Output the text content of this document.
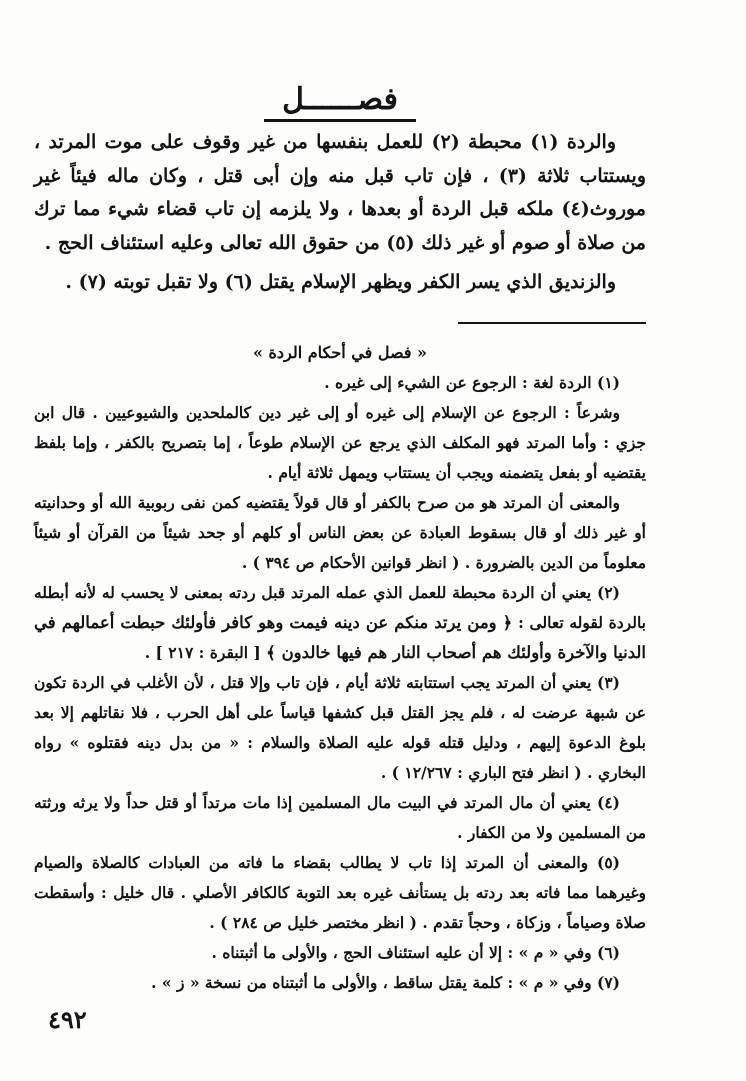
فصــــــل

والردة (١) محبطة (٢) للعمل بنفسها من غير وقوف على موت المرتد ، ويستتاب ثلاثة (٣) ، فإن تاب قبل منه وإن أبى قتل ، وكان ماله فيئاً غير موروث(٤) ملكه قبل الردة أو بعدها ، ولا يلزمه إن تاب قضاء شيء مما ترك من صلاة أو صوم أو غير ذلك (٥) من حقوق الله تعالى وعليه استئناف الحج .

والزنديق الذي يسر الكفر ويظهر الإسلام يقتل (٦) ولا تقبل توبته (٧) .

« فصل في أحكام الردة »

(١) الردة لغة : الرجوع عن الشيء إلى غيره .

وشرعاً : الرجوع عن الإسلام إلى غيره أو إلى غير دين كالملحدين والشيوعيين . قال ابن جزي : وأما المرتد فهو المكلف الذي يرجع عن الإسلام طوعاً ، إما بتصريح بالكفر ، وإما بلفظ يقتضيه أو بفعل يتضمنه ويجب أن يستتاب ويمهل ثلاثة أيام .

والمعنى أن المرتد هو من صرح بالكفر أو قال قولاً يقتضيه كمن نفى ربوبية الله أو وحدانيته أو غير ذلك أو قال بسقوط العبادة عن بعض الناس أو كلهم أو جحد شيئاً من القرآن أو شيئاً معلوماً من الدين بالضرورة . ( انظر قوانين الأحكام ص ٣٩٤ ) .

(٢) يعني أن الردة محبطة للعمل الذي عمله المرتد قبل ردته بمعنى لا يحسب له لأنه أبطله بالردة لقوله تعالى : ﴿ ومن يرتد منكم عن دينه فيمت وهو كافر فأولئك حبطت أعمالهم في الدنيا والآخرة وأولئك هم أصحاب النار هم فيها خالدون ﴾ [ البقرة : ٢١٧ ] .

(٣) يعني أن المرتد يجب استتابته ثلاثة أيام ، فإن تاب وإلا قتل ، لأن الأغلب في الردة تكون عن شبهة عرضت له ، فلم يجز القتل قبل كشفها قياساً على أهل الحرب ، فلا نقاتلهم إلا بعد بلوغ الدعوة إليهم ، ودليل قتله قوله عليه الصلاة والسلام : « من بدل دينه فقتلوه » رواه البخاري . ( انظر فتح الباري : ١٢/٢٦٧ ) .

(٤) يعني أن مال المرتد في البيت مال المسلمين إذا مات مرتداً أو قتل حداً ولا يرثه ورثته من المسلمين ولا من الكفار .

(٥) والمعنى أن المرتد إذا تاب لا يطالب بقضاء ما فاته من العبادات كالصلاة والصيام وغيرهما مما فاته بعد ردته بل يستأنف غيره بعد التوبة كالكافر الأصلي . قال خليل : وأسقطت صلاة وصياماً ، وزكاة ، وحجاً تقدم . ( انظر مختصر خليل ص ٢٨٤ ) .

(٦) وفي « م » : إلا أن عليه استئناف الحج ، والأولى ما أثبتناه .

(٧) وفي « م » : كلمة يقتل ساقط ، والأولى ما أثبتناه من نسخة « ز » .

٤٩٢
